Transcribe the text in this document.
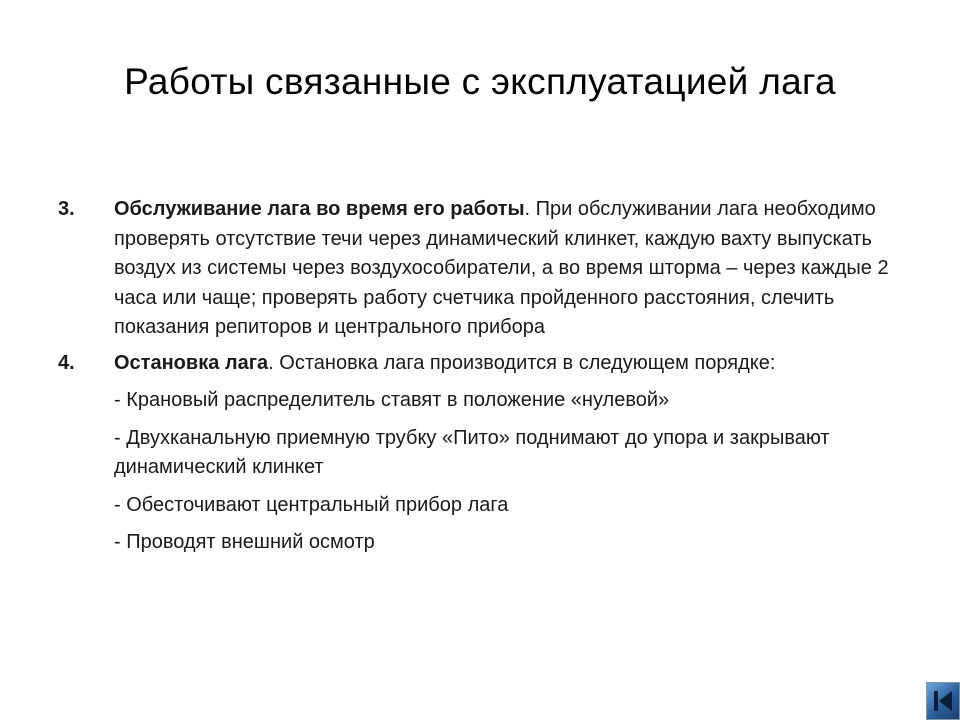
Работы связанные с эксплуатацией лага
3. Обслуживание лага во время его работы. При обслуживании лага необходимо проверять отсутствие течи через динамический клинкет, каждую вахту выпускать воздух из системы через воздухособиратели, а во время шторма – через каждые 2 часа или чаще; проверять работу счетчика пройденного расстояния, слечить показания репиторов и центрального прибора
4. Остановка лага. Остановка лага производится в следующем порядке:
- Крановый распределитель ставят в положение «нулевой»
- Двухканальную приемную трубку «Пито» поднимают до упора и закрывают динамический клинкет
- Обесточивают центральный прибор лага
- Проводят внешний осмотр
